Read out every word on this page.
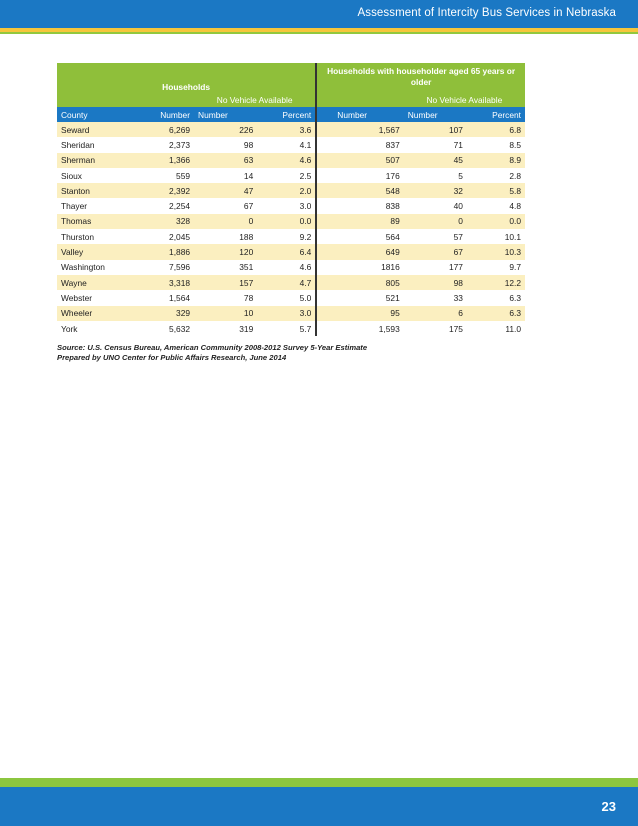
Assessment of Intercity Bus Services in Nebraska
Households				Households with householder aged 65 years or older		
		No Vehicle Available			No Vehicle Available	
County	Number	Number	Percent	Number	Number	Percent
Seward	6,269	226	3.6	1,567	107	6.8
Sheridan	2,373	98	4.1	837	71	8.5
Sherman	1,366	63	4.6	507	45	8.9
Sioux	559	14	2.5	176	5	2.8
Stanton	2,392	47	2.0	548	32	5.8
Thayer	2,254	67	3.0	838	40	4.8
Thomas	328	0	0.0	89	0	0.0
Thurston	2,045	188	9.2	564	57	10.1
Valley	1,886	120	6.4	649	67	10.3
Washington	7,596	351	4.6	1816	177	9.7
Wayne	3,318	157	4.7	805	98	12.2
Webster	1,564	78	5.0	521	33	6.3
Wheeler	329	10	3.0	95	6	6.3
York	5,632	319	5.7	1,593	175	11.0
Source: U.S. Census Bureau, American Community 2008-2012 Survey 5-Year Estimate
Prepared by UNO Center for Public Affairs Research, June 2014
23
